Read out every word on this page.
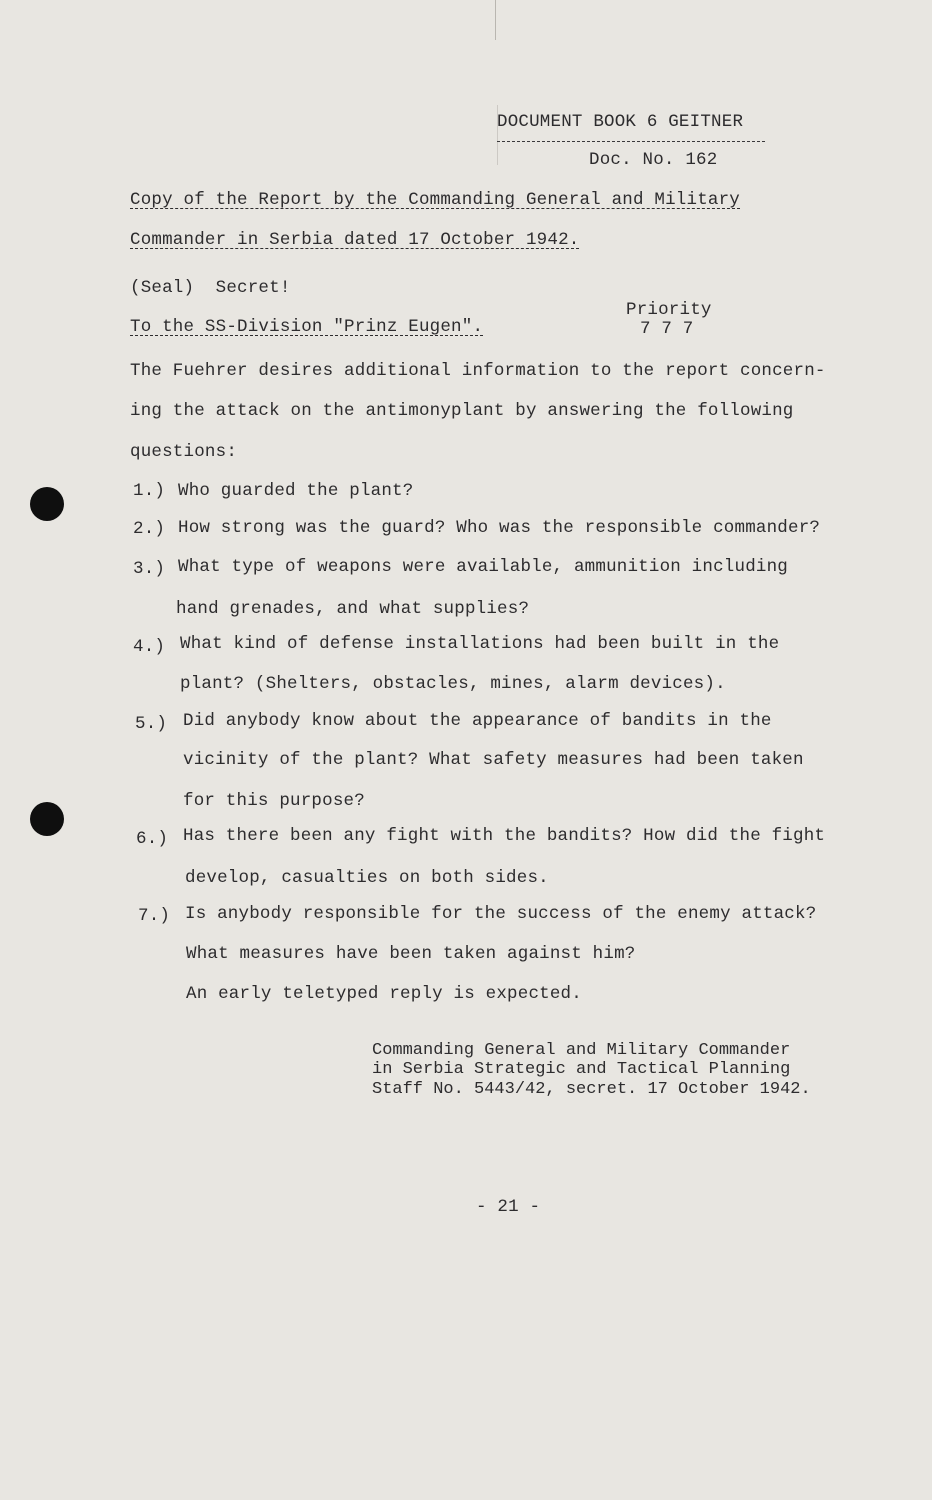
DOCUMENT BOOK 6 GEITNER
Doc. No. 162
Copy of the Report by the Commanding General and Military
Commander in Serbia dated 17 October 1942.
(Seal)  Secret!
Priority
7 7 7
To the SS-Division "Prinz Eugen".
The Fuehrer desires additional information to the report concern-
ing the attack on the antimonyplant by answering the following
questions:
1.) Who guarded the plant?
2.) How strong was the guard? Who was the responsible commander?
3.) What type of weapons were available, ammunition including
hand grenades, and what supplies?
4.) What kind of defense installations had been built in the
plant? (Shelters, obstacles, mines, alarm devices).
5.) Did anybody know about the appearance of bandits in the
vicinity of the plant? What safety measures had been taken
for this purpose?
6.) Has there been any fight with the bandits? How did the fight
develop, casualties on both sides.
7.) Is anybody responsible for the success of the enemy attack?
What measures have been taken against him?
An early teletyped reply is expected.
Commanding General and Military Commander
in Serbia Strategic and Tactical Planning
Staff No. 5443/42, secret. 17 October 1942.
- 21 -
